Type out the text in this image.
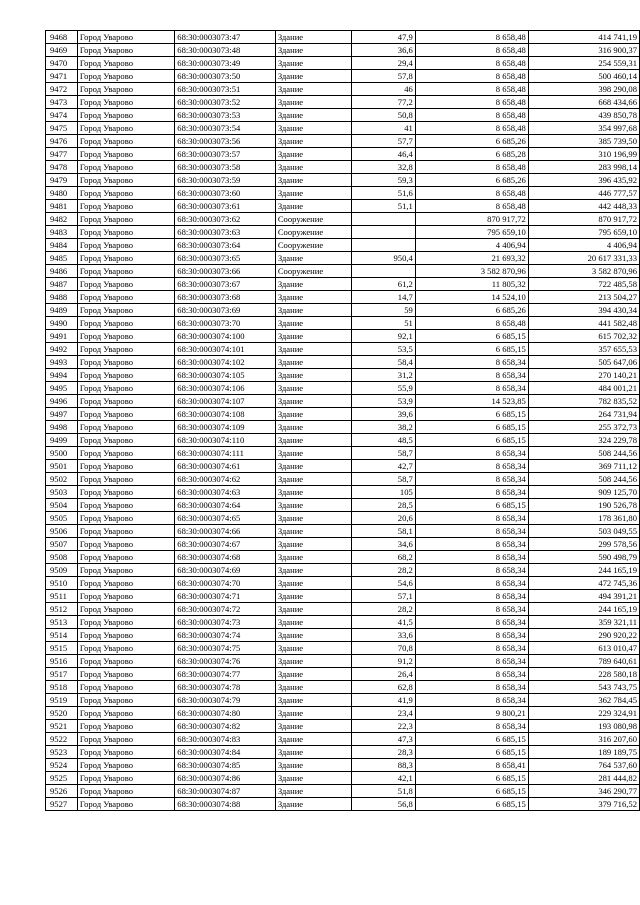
9468	Город Уварово	68:30:0003073:47	Здание	47,9	8 658,48	414 741,19
9469	Город Уварово	68:30:0003073:48	Здание	36,6	8 658,48	316 900,37
9470	Город Уварово	68:30:0003073:49	Здание	29,4	8 658,48	254 559,31
9471	Город Уварово	68:30:0003073:50	Здание	57,8	8 658,48	500 460,14
9472	Город Уварово	68:30:0003073:51	Здание	46	8 658,48	398 290,08
9473	Город Уварово	68:30:0003073:52	Здание	77,2	8 658,48	668 434,66
9474	Город Уварово	68:30:0003073:53	Здание	50,8	8 658,48	439 850,78
9475	Город Уварово	68:30:0003073:54	Здание	41	8 658,48	354 997,68
9476	Город Уварово	68:30:0003073:56	Здание	57,7	6 685,26	385 739,50
9477	Город Уварово	68:30:0003073:57	Здание	46,4	6 685,28	310 196,99
9478	Город Уварово	68:30:0003073:58	Здание	32,8	8 658,48	283 998,14
9479	Город Уварово	68:30:0003073:59	Здание	59,3	6 685,26	396 435,92
9480	Город Уварово	68:30:0003073:60	Здание	51,6	8 658,48	446 777,57
9481	Город Уварово	68:30:0003073:61	Здание	51,1	8 658,48	442 448,33
9482	Город Уварово	68:30:0003073:62	Сооружение		870 917,72	870 917,72
9483	Город Уварово	68:30:0003073:63	Сооружение		795 659,10	795 659,10
9484	Город Уварово	68:30:0003073:64	Сооружение		4 406,94	4 406,94
9485	Город Уварово	68:30:0003073:65	Здание	950,4	21 693,32	20 617 331,33
9486	Город Уварово	68:30:0003073:66	Сооружение		3 582 870,96	3 582 870,96
9487	Город Уварово	68:30:0003073:67	Здание	61,2	11 805,32	722 485,58
9488	Город Уварово	68:30:0003073:68	Здание	14,7	14 524,10	213 504,27
9489	Город Уварово	68:30:0003073:69	Здание	59	6 685,26	394 430,34
9490	Город Уварово	68:30:0003073:70	Здание	51	8 658,48	441 582,48
9491	Город Уварово	68:30:0003074:100	Здание	92,1	6 685,15	615 702,32
9492	Город Уварово	68:30:0003074:101	Здание	53,5	6 685,15	357 655,53
9493	Город Уварово	68:30:0003074:102	Здание	58,4	8 658,34	505 647,06
9494	Город Уварово	68:30:0003074:105	Здание	31,2	8 658,34	270 140,21
9495	Город Уварово	68:30:0003074:106	Здание	55,9	8 658,34	484 001,21
9496	Город Уварово	68:30:0003074:107	Здание	53,9	14 523,85	782 835,52
9497	Город Уварово	68:30:0003074:108	Здание	39,6	6 685,15	264 731,94
9498	Город Уварово	68:30:0003074:109	Здание	38,2	6 685,15	255 372,73
9499	Город Уварово	68:30:0003074:110	Здание	48,5	6 685,15	324 229,78
9500	Город Уварово	68:30:0003074:111	Здание	58,7	8 658,34	508 244,56
9501	Город Уварово	68:30:0003074:61	Здание	42,7	8 658,34	369 711,12
9502	Город Уварово	68:30:0003074:62	Здание	58,7	8 658,34	508 244,56
9503	Город Уварово	68:30:0003074:63	Здание	105	8 658,34	909 125,70
9504	Город Уварово	68:30:0003074:64	Здание	28,5	6 685,15	190 526,78
9505	Город Уварово	68:30:0003074:65	Здание	20,6	8 658,34	178 361,80
9506	Город Уварово	68:30:0003074:66	Здание	58,1	8 658,34	503 049,55
9507	Город Уварово	68:30:0003074:67	Здание	34,6	8 658,34	299 578,56
9508	Город Уварово	68:30:0003074:68	Здание	68,2	8 658,34	590 498,79
9509	Город Уварово	68:30:0003074:69	Здание	28,2	8 658,34	244 165,19
9510	Город Уварово	68:30:0003074:70	Здание	54,6	8 658,34	472 745,36
9511	Город Уварово	68:30:0003074:71	Здание	57,1	8 658,34	494 391,21
9512	Город Уварово	68:30:0003074:72	Здание	28,2	8 658,34	244 165,19
9513	Город Уварово	68:30:0003074:73	Здание	41,5	8 658,34	359 321,11
9514	Город Уварово	68:30:0003074:74	Здание	33,6	8 658,34	290 920,22
9515	Город Уварово	68:30:0003074:75	Здание	70,8	8 658,34	613 010,47
9516	Город Уварово	68:30:0003074:76	Здание	91,2	8 658,34	789 640,61
9517	Город Уварово	68:30:0003074:77	Здание	26,4	8 658,34	228 580,18
9518	Город Уварово	68:30:0003074:78	Здание	62,8	8 658,34	543 743,75
9519	Город Уварово	68:30:0003074:79	Здание	41,9	8 658,34	362 784,45
9520	Город Уварово	68:30:0003074:80	Здание	23,4	9 800,21	229 324,91
9521	Город Уварово	68:30:0003074:82	Здание	22,3	8 658,34	193 080,98
9522	Город Уварово	68:30:0003074:83	Здание	47,3	6 685,15	316 207,60
9523	Город Уварово	68:30:0003074:84	Здание	28,3	6 685,15	189 189,75
9524	Город Уварово	68:30:0003074:85	Здание	88,3	8 658,41	764 537,60
9525	Город Уварово	68:30:0003074:86	Здание	42,1	6 685,15	281 444,82
9526	Город Уварово	68:30:0003074:87	Здание	51,8	6 685,15	346 290,77
9527	Город Уварово	68:30:0003074:88	Здание	56,8	6 685,15	379 716,52
